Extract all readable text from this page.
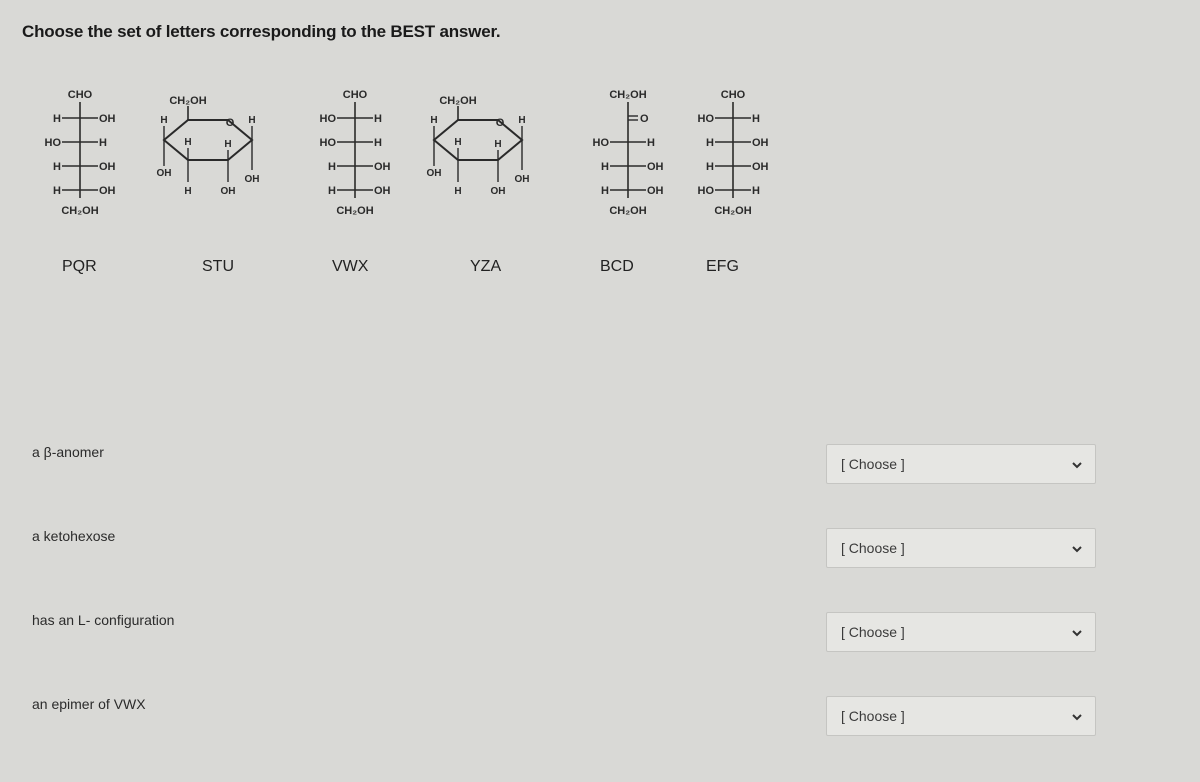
Choose the set of letters corresponding to the BEST answer.
CHO
H	OH
HO	H
H	OH
H	OH
CH₂OH
O
CH₂OH
H
OH
H
OH
H
H
H
OH
CHO
HO	H
HO	H
H	OH
H	OH
CH₂OH
O
CH₂OH
H
OH
H
OH
H
H
H
OH
CH₂OH
O
HO	H
H	OH
H	OH
CH₂OH
CHO
HO	H
H	OH
H	OH
HO	H
CH₂OH
PQR	STU	VWX	YZA	BCD	EFG
a β-anomer
[ Choose ]
a ketohexose
[ Choose ]
has an L- configuration
[ Choose ]
an epimer of VWX
[ Choose ]
